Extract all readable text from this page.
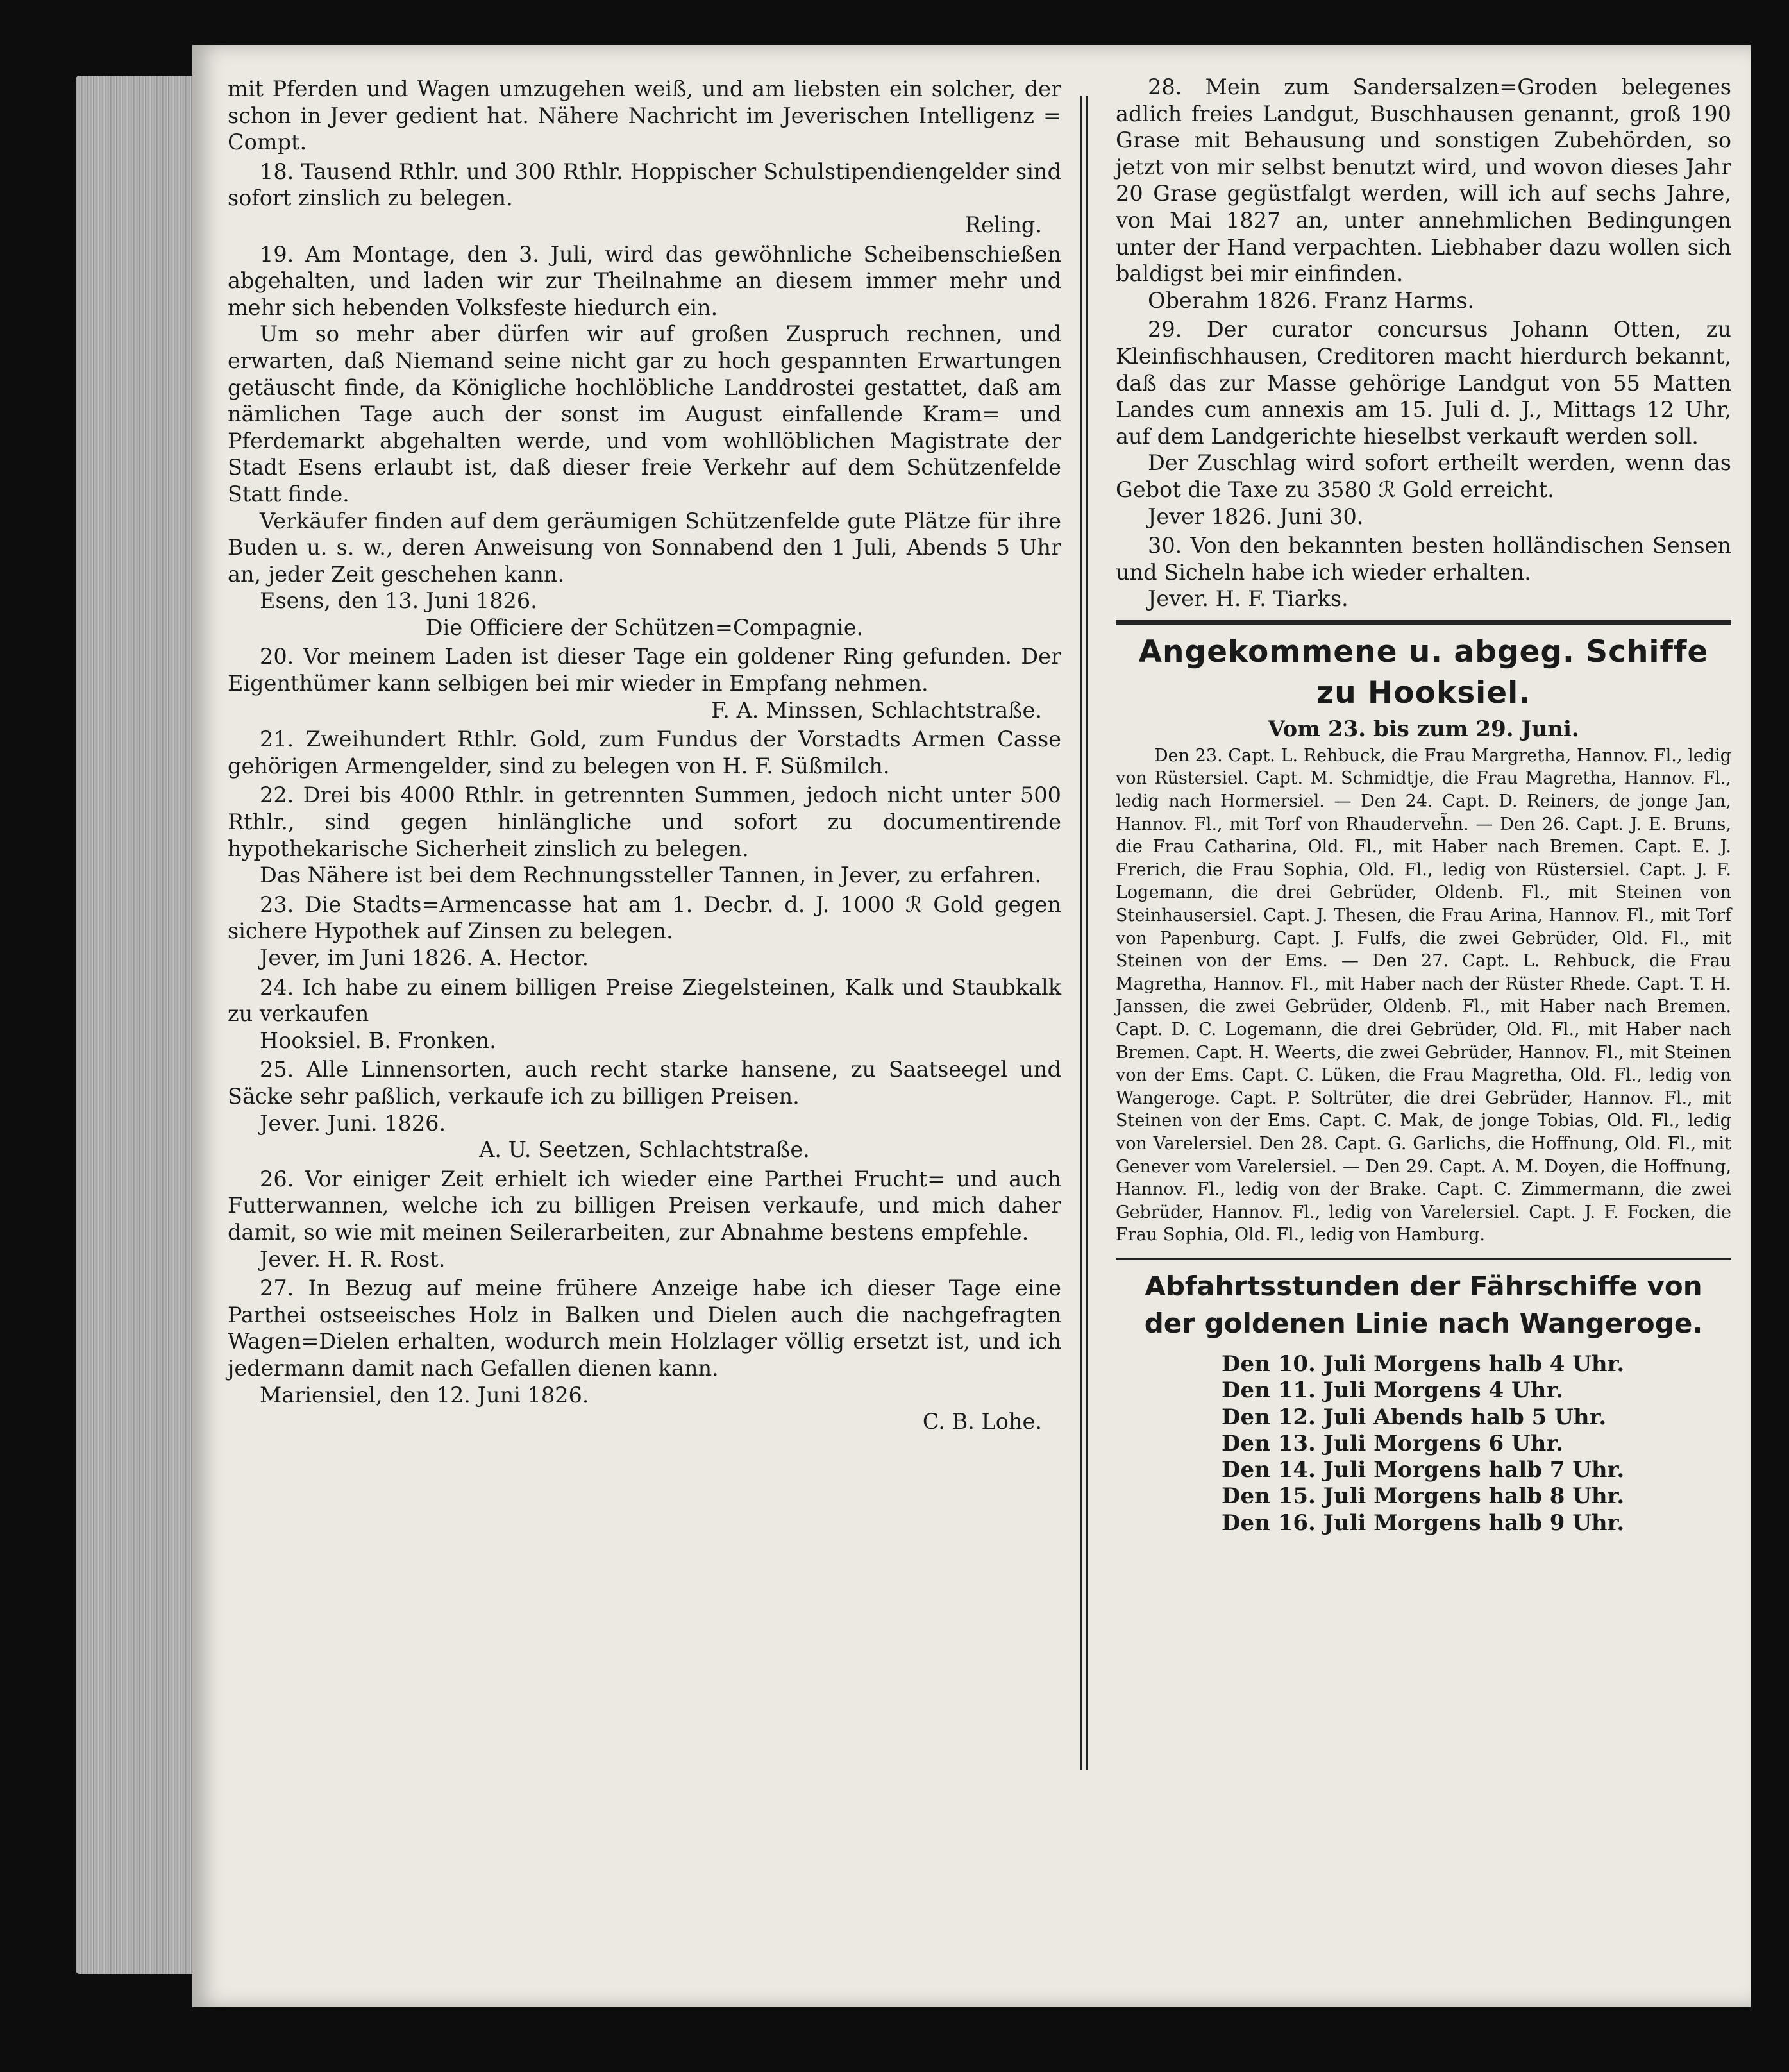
mit Pferden und Wagen umzugehen weiß, und am liebsten ein solcher, der schon in Jever gedient hat. Nähere Nachricht im Jeverischen Intelligenz = Compt.

18. Tausend Rthlr. und 300 Rthlr. Hoppischer Schulstipendiengelder sind sofort zinslich zu belegen.

Reling.

19. Am Montage, den 3. Juli, wird das gewöhnliche Scheibenschießen abgehalten, und laden wir zur Theilnahme an diesem immer mehr und mehr sich hebenden Volksfeste hiedurch ein.

Um so mehr aber dürfen wir auf großen Zuspruch rechnen, und erwarten, daß Niemand seine nicht gar zu hoch gespannten Erwartungen getäuscht finde, da Königliche hochlöbliche Landdrostei gestattet, daß am nämlichen Tage auch der sonst im August einfallende Kram= und Pferdemarkt abgehalten werde, und vom wohllöblichen Magistrate der Stadt Esens erlaubt ist, daß dieser freie Verkehr auf dem Schützenfelde Statt finde.

Verkäufer finden auf dem geräumigen Schützenfelde gute Plätze für ihre Buden u. s. w., deren Anweisung von Sonnabend den 1 Juli, Abends 5 Uhr an, jeder Zeit geschehen kann.

Esens, den 13. Juni 1826.

Die Officiere der Schützen=Compagnie.

20. Vor meinem Laden ist dieser Tage ein goldener Ring gefunden. Der Eigenthümer kann selbigen bei mir wieder in Empfang nehmen.

F. A. Minssen, Schlachtstraße.

21. Zweihundert Rthlr. Gold, zum Fundus der Vorstadts Armen Casse gehörigen Armengelder, sind zu belegen von H. F. Süßmilch.

22. Drei bis 4000 Rthlr. in getrennten Summen, jedoch nicht unter 500 Rthlr., sind gegen hinlängliche und sofort zu documentirende hypothekarische Sicherheit zinslich zu belegen.

Das Nähere ist bei dem Rechnungssteller Tannen, in Jever, zu erfahren.

23. Die Stadts=Armencasse hat am 1. Decbr. d. J. 1000 ℛ Gold gegen sichere Hypothek auf Zinsen zu belegen.

Jever, im Juni 1826. A. Hector.

24. Ich habe zu einem billigen Preise Ziegelsteinen, Kalk und Staubkalk zu verkaufen

Hooksiel. B. Fronken.

25. Alle Linnensorten, auch recht starke hansene, zu Saatseegel und Säcke sehr paßlich, verkaufe ich zu billigen Preisen.

Jever. Juni. 1826.

A. U. Seetzen, Schlachtstraße.

26. Vor einiger Zeit erhielt ich wieder eine Parthei Frucht= und auch Futterwannen, welche ich zu billigen Preisen verkaufe, und mich daher damit, so wie mit meinen Seilerarbeiten, zur Abnahme bestens empfehle.

Jever. H. R. Rost.

27. In Bezug auf meine frühere Anzeige habe ich dieser Tage eine Parthei ostseeisches Holz in Balken und Dielen auch die nachgefragten Wagen=Dielen erhalten, wodurch mein Holzlager völlig ersetzt ist, und ich jedermann damit nach Gefallen dienen kann.

Mariensiel, den 12. Juni 1826.

C. B. Lohe.

28. Mein zum Sandersalzen=Groden belegenes adlich freies Landgut, Buschhausen genannt, groß 190 Grase mit Behausung und sonstigen Zubehörden, so jetzt von mir selbst benutzt wird, und wovon dieses Jahr 20 Grase gegüstfalgt werden, will ich auf sechs Jahre, von Mai 1827 an, unter annehmlichen Bedingungen unter der Hand verpachten. Liebhaber dazu wollen sich baldigst bei mir einfinden.

Oberahm 1826. Franz Harms.

29. Der curator concursus Johann Otten, zu Kleinfischhausen, Creditoren macht hierdurch bekannt, daß das zur Masse gehörige Landgut von 55 Matten Landes cum annexis am 15. Juli d. J., Mittags 12 Uhr, auf dem Landgerichte hieselbst verkauft werden soll.

Der Zuschlag wird sofort ertheilt werden, wenn das Gebot die Taxe zu 3580 ℛ Gold erreicht.

Jever 1826. Juni 30.

30. Von den bekannten besten holländischen Sensen und Sicheln habe ich wieder erhalten.

Jever. H. F. Tiarks.

Angekommene u. abgeg. Schiffe zu Hooksiel.
Vom 23. bis zum 29. Juni.

Den 23. Capt. L. Rehbuck, die Frau Margretha, Hannov. Fl., ledig von Rüstersiel. Capt. M. Schmidtje, die Frau Magretha, Hannov. Fl., ledig nach Hormersiel. — Den 24. Capt. D. Reiners, de jonge Jan, Hannov. Fl., mit Torf von Rhauderveh̃n. — Den 26. Capt. J. E. Bruns, die Frau Catharina, Old. Fl., mit Haber nach Bremen. Capt. E. J. Frerich, die Frau Sophia, Old. Fl., ledig von Rüstersiel. Capt. J. F. Logemann, die drei Gebrüder, Oldenb. Fl., mit Steinen von Steinhausersiel. Capt. J. Thesen, die Frau Arina, Hannov. Fl., mit Torf von Papenburg. Capt. J. Fulfs, die zwei Gebrüder, Old. Fl., mit Steinen von der Ems. — Den 27. Capt. L. Rehbuck, die Frau Magretha, Hannov. Fl., mit Haber nach der Rüster Rhede. Capt. T. H. Janssen, die zwei Gebrüder, Oldenb. Fl., mit Haber nach Bremen. Capt. D. C. Logemann, die drei Gebrüder, Old. Fl., mit Haber nach Bremen. Capt. H. Weerts, die zwei Gebrüder, Hannov. Fl., mit Steinen von der Ems. Capt. C. Lüken, die Frau Magretha, Old. Fl., ledig von Wangeroge. Capt. P. Soltrüter, die drei Gebrüder, Hannov. Fl., mit Steinen von der Ems. Capt. C. Mak, de jonge Tobias, Old. Fl., ledig von Varelersiel. Den 28. Capt. G. Garlichs, die Hoffnung, Old. Fl., mit Genever vom Varelersiel. — Den 29. Capt. A. M. Doyen, die Hoffnung, Hannov. Fl., ledig von der Brake. Capt. C. Zimmermann, die zwei Gebrüder, Hannov. Fl., ledig von Varelersiel. Capt. J. F. Focken, die Frau Sophia, Old. Fl., ledig von Hamburg.

Abfahrtsstunden der Fährschiffe von der goldenen Linie nach Wangeroge.

Den 10. Juli Morgens halb 4 Uhr.

Den 11. Juli Morgens 4 Uhr.

Den 12. Juli Abends halb 5 Uhr.

Den 13. Juli Morgens 6 Uhr.

Den 14. Juli Morgens halb 7 Uhr.

Den 15. Juli Morgens halb 8 Uhr.

Den 16. Juli Morgens halb 9 Uhr.
